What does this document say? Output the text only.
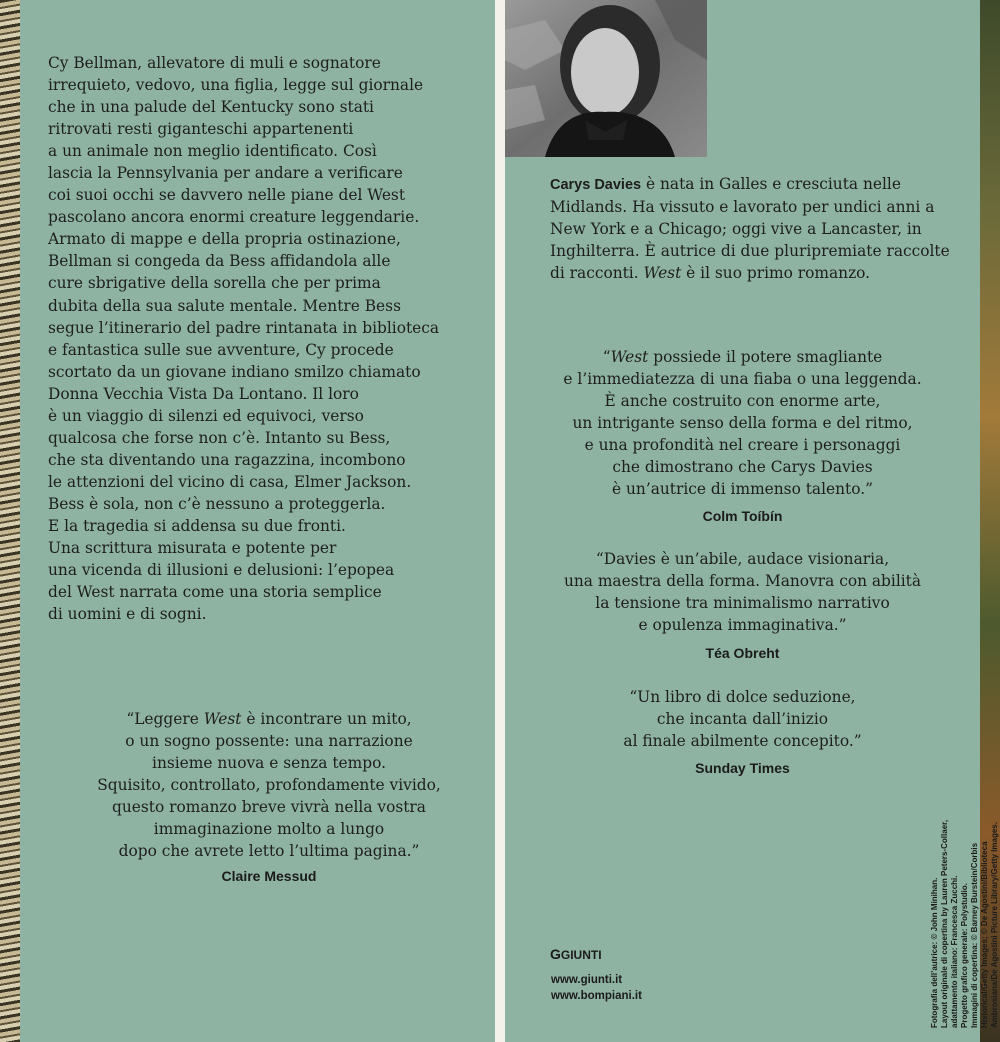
Cy Bellman, allevatore di muli e sognatore
irrequieto, vedovo, una figlia, legge sul giornale
che in una palude del Kentucky sono stati
ritrovati resti giganteschi appartenenti
a un animale non meglio identificato. Così
lascia la Pennsylvania per andare a verificare
coi suoi occhi se davvero nelle piane del West
pascolano ancora enormi creature leggendarie.
Armato di mappe e della propria ostinazione,
Bellman si congeda da Bess affidandola alle
cure sbrigative della sorella che per prima
dubita della sua salute mentale. Mentre Bess
segue l’itinerario del padre rintanata in biblioteca
e fantastica sulle sue avventure, Cy procede
scortato da un giovane indiano smilzo chiamato
Donna Vecchia Vista Da Lontano. Il loro
è un viaggio di silenzi ed equivoci, verso
qualcosa che forse non c’è. Intanto su Bess,
che sta diventando una ragazzina, incombono
le attenzioni del vicino di casa, Elmer Jackson.
Bess è sola, non c’è nessuno a proteggerla.
E la tragedia si addensa su due fronti.
Una scrittura misurata e potente per
una vicenda di illusioni e delusioni: l’epopea
del West narrata come una storia semplice
di uomini e di sogni.
“Leggere West è incontrare un mito,
o un sogno possente: una narrazione
insieme nuova e senza tempo.
Squisito, controllato, profondamente vivido,
questo romanzo breve vivrà nella vostra
immaginazione molto a lungo
dopo che avrete letto l’ultima pagina.”
Claire Messud
Carys Davies è nata in Galles e cresciuta nelle Midlands. Ha vissuto e lavorato per undici anni a New York e a Chicago; oggi vive a Lancaster, in Inghilterra. È autrice di due pluripremiate raccolte di racconti. West è il suo primo romanzo.
“West possiede il potere smagliante
e l’immediatezza di una fiaba o una leggenda.
È anche costruito con enorme arte,
un intrigante senso della forma e del ritmo,
e una profondità nel creare i personaggi
che dimostrano che Carys Davies
è un’autrice di immenso talento.”
Colm Toíbín
“Davies è un’abile, audace visionaria,
una maestra della forma. Manovra con abilità
la tensione tra minimalismo narrativo
e opulenza immaginativa.”
Téa Obreht
“Un libro di dolce seduzione,
che incanta dall’inizio
al finale abilmente concepito.”
Sunday Times
GGIUNTI
www.giunti.it
www.bompiani.it	Fotografia dell’autrice: © John Minihan. Layout originale di copertina by Lauren Peters-Collaer, adattamento italiano: Francesca Zucchi. Progetto grafico generale: Polystudio. Immagini di copertina: © Barney Burstein/Corbis Historical/Getty Images; © De Agostini/Biblioteca Ambrosiana/De Agostini Picture Library/Getty Images.
